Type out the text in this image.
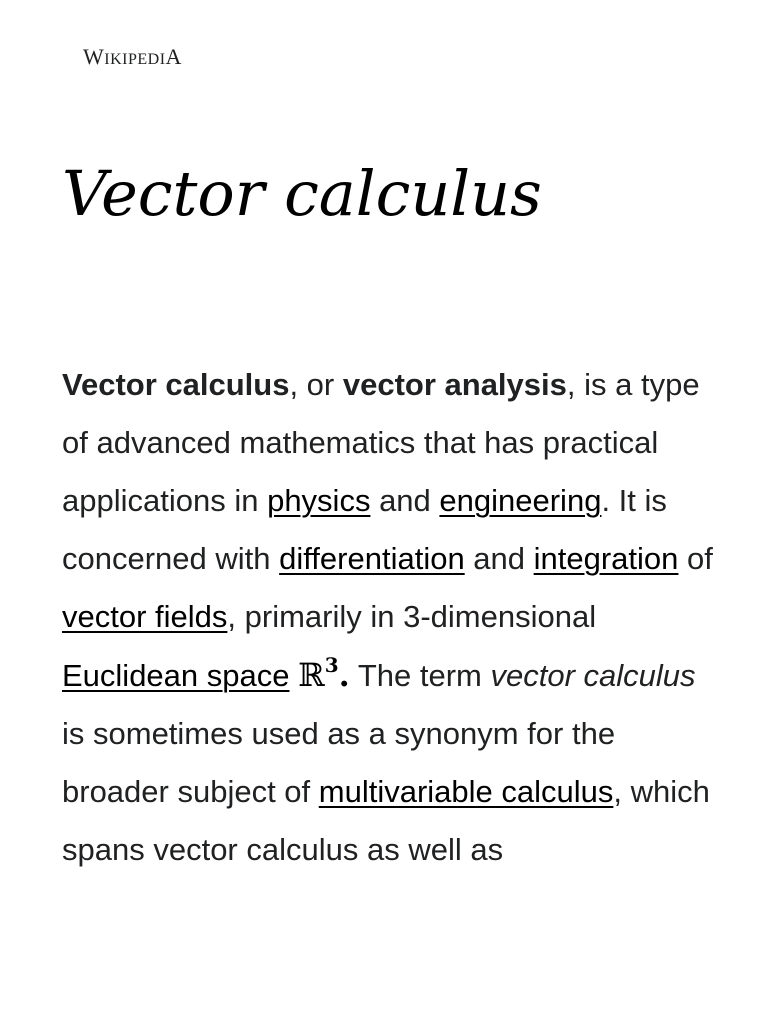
WIKIPEDIA
Vector calculus

Vector calculus, or vector analysis, is a type of advanced mathematics that has practical applications in physics and engineering. It is concerned with differentiation and integration of vector fields, primarily in 3-dimensional Euclidean space ℝ$^3$. The term vector calculus is sometimes used as a synonym for the broader subject of multivariable calculus, which spans vector calculus as well as
